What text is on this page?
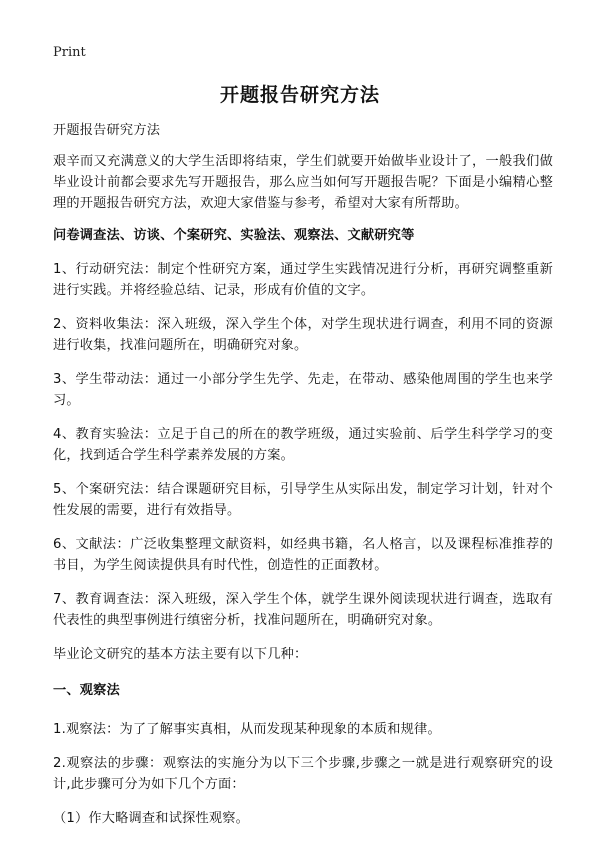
Print
开题报告研究方法

开题报告研究方法

艰辛而又充满意义的大学生活即将结束，学生们就要开始做毕业设计了，一般我们做毕业设计前都会要求先写开题报告，那么应当如何写开题报告呢？下面是小编精心整理的开题报告研究方法，欢迎大家借鉴与参考，希望对大家有所帮助。

问卷调查法、访谈、个案研究、实验法、观察法、文献研究等

1、行动研究法：制定个性研究方案，通过学生实践情况进行分析，再研究调整重新进行实践。并将经验总结、记录，形成有价值的文字。

2、资料收集法：深入班级，深入学生个体，对学生现状进行调查，利用不同的资源进行收集，找准问题所在，明确研究对象。

3、学生带动法：通过一小部分学生先学、先走，在带动、感染他周围的学生也来学习。

4、教育实验法：立足于自己的所在的教学班级，通过实验前、后学生科学学习的变化，找到适合学生科学素养发展的方案。

5、个案研究法：结合课题研究目标，引导学生从实际出发，制定学习计划，针对个性发展的需要，进行有效指导。

6、文献法：广泛收集整理文献资料，如经典书籍，名人格言，以及课程标准推荐的书目，为学生阅读提供具有时代性，创造性的正面教材。

7、教育调查法：深入班级，深入学生个体，就学生课外阅读现状进行调查，选取有代表性的典型事例进行缜密分析，找准问题所在，明确研究对象。

毕业论文研究的基本方法主要有以下几种：

一、观察法

1.观察法：为了了解事实真相，从而发现某种现象的本质和规律。

2.观察法的步骤：观察法的实施分为以下三个步骤,步骤之一就是进行观察研究的设计,此步骤可分为如下几个方面：

（1）作大略调查和试探性观察。
